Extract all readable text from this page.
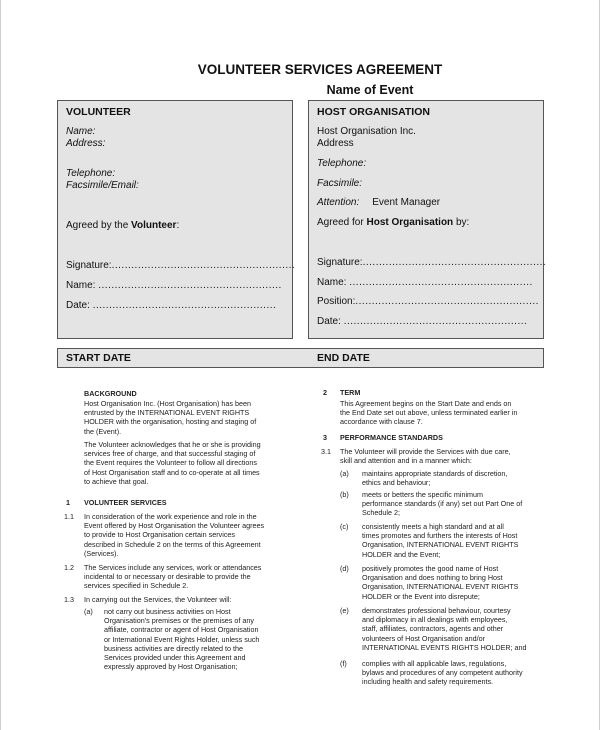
VOLUNTEER SERVICES AGREEMENT
Name of Event
VOLUNTEER
Name:
Address:
Telephone:
Facsimile/Email:
Agreed by the Volunteer:
Signature:........................................................
Name: ........................................................
Date: ........................................................
HOST ORGANISATION
Host Organisation Inc.
Address
Telephone:
Facsimile:
Attention: Event Manager
Agreed for Host Organisation by:
Signature:........................................................
Name: ........................................................
Position:........................................................
Date: ........................................................
START DATE	END DATE
BACKGROUND
Host Organisation Inc. (Host Organisation) has been
entrusted by the INTERNATIONAL EVENT RIGHTS
HOLDER with the organisation, hosting and staging of
the (Event).
The Volunteer acknowledges that he or she is providing
services free of charge, and that successful staging of
the Event requires the Volunteer to follow all directions
of Host Organisation staff and to co-operate at all times
to achieve that goal.
1 VOLUNTEER SERVICES
1.1 In consideration of the work experience and role in the
Event offered by Host Organisation the Volunteer agrees
to provide to Host Organisation certain services
described in Schedule 2 on the terms of this Agreement
(Services).
1.2 The Services include any services, work or attendances
incidental to or necessary or desirable to provide the
services specified in Schedule 2.
1.3 In carrying out the Services, the Volunteer will:
(a) not carry out business activities on Host
Organisation's premises or the premises of any
affiliate, contractor or agent of Host Organisation
or International Event Rights Holder, unless such
business activities are directly related to the
Services provided under this Agreement and
expressly approved by Host Organisation;
2 TERM
This Agreement begins on the Start Date and ends on
the End Date set out above, unless terminated earlier in
accordance with clause 7.
3 PERFORMANCE STANDARDS
3.1 The Volunteer will provide the Services with due care,
skill and attention and in a manner which:
(a) maintains appropriate standards of discretion,
ethics and behaviour;
(b) meets or betters the specific minimum
performance standards (if any) set out Part One of
Schedule 2;
(c) consistently meets a high standard and at all
times promotes and furthers the interests of Host
Organisation, INTERNATIONAL EVENT RIGHTS
HOLDER and the Event;
(d) positively promotes the good name of Host
Organisation and does nothing to bring Host
Organisation, INTERNATIONAL EVENT RIGHTS
HOLDER or the Event into disrepute;
(e) demonstrates professional behaviour, courtesy
and diplomacy in all dealings with employees,
staff, affiliates, contractors, agents and other
volunteers of Host Organisation and/or
INTERNATIONAL EVENTS RIGHTS HOLDER; and
(f) complies with all applicable laws, regulations,
bylaws and procedures of any competent authority
including health and safety requirements.
